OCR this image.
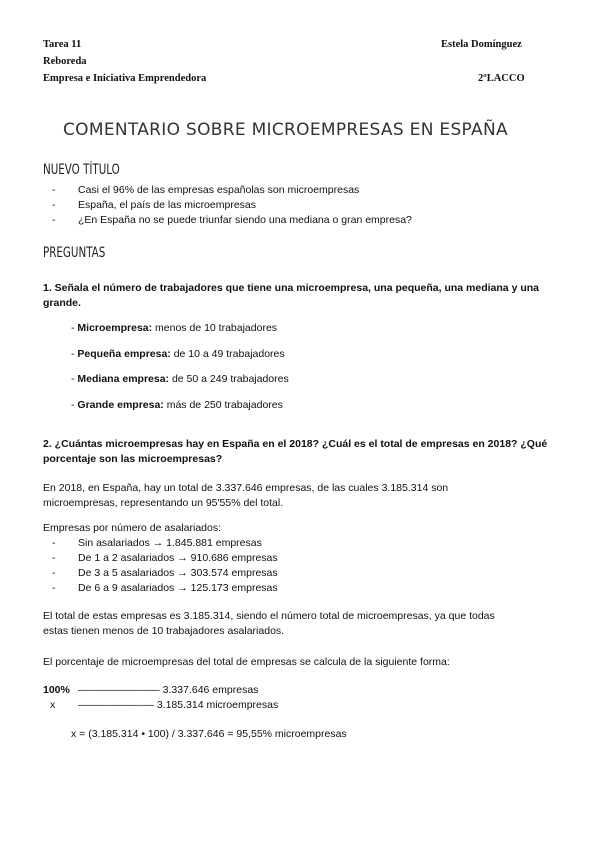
Tarea 11	Estela Domínguez
Reboreda
Empresa e Iniciativa Emprendedora	2ºLACCO
COMENTARIO SOBRE MICROEMPRESAS EN ESPAÑA
NUEVO TÍTULO
- Casi el 96% de las empresas españolas son microempresas
- España, el país de las microempresas
- ¿En España no se puede triunfar siendo una mediana o gran empresa?
PREGUNTAS
1. Señala el número de trabajadores que tiene una microempresa, una pequeña, una mediana y una
grande.
- Microempresa: menos de 10 trabajadores
- Pequeña empresa: de 10 a 49 trabajadores
- Mediana empresa: de 50 a 249 trabajadores
- Grande empresa: más de 250 trabajadores
2. ¿Cuántas microempresas hay en España en el 2018? ¿Cuál es el total de empresas en 2018? ¿Qué
porcentaje son las microempresas?
En 2018, en España, hay un total de 3.337.646 empresas, de las cuales 3.185.314 son
microempresas, representando un 95'55% del total.
Empresas por número de asalariados:
- Sin asalariados → 1.845.881 empresas
- De 1 a 2 asalariados → 910.686 empresas
- De 3 a 5 asalariados → 303.574 empresas
- De 6 a 9 asalariados → 125.173 empresas
El total de estas empresas es 3.185.314, siendo el número total de microempresas, ya que todas
estas tienen menos de 10 trabajadores asalariados.
El porcentaje de microempresas del total de empresas se calcula de la siguiente forma:
100% –––––––––––––– 3.337.646 empresas
x ––––––––––––– 3.185.314 microempresas
x = (3.185.314 • 100) / 3.337.646 = 95,55% microempresas
